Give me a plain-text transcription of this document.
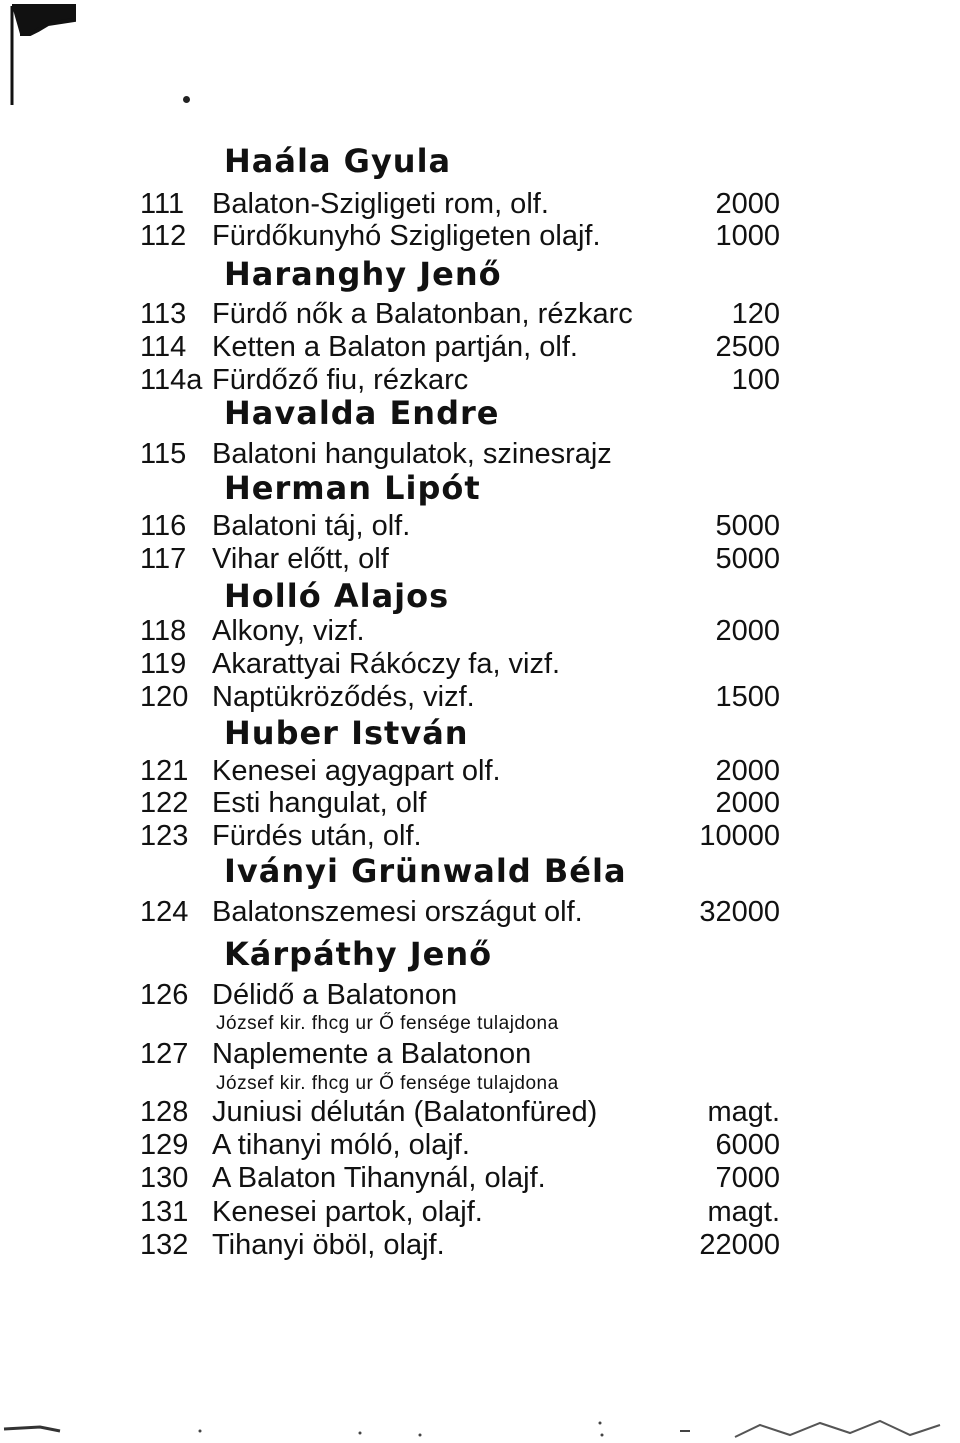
Haála Gyula
111 Balaton-Szigligeti rom, olf.	2000
112 Fürdőkunyhó Szigligeten olajf.	1000
Haranghy Jenő
113 Fürdő nők a Balatonban, rézkarc	120
114 Ketten a Balaton partján, olf.	2500
114a Fürdőző fiu, rézkarc	100
Havalda Endre
115 Balatoni hangulatok, szinesrajz
Herman Lipót
116 Balatoni táj, olf.	5000
117 Vihar előtt, olf	5000
Holló Alajos
118 Alkony, vizf.	2000
119 Akarattyai Rákóczy fa, vizf.
120 Naptükröződés, vizf.	1500
Huber István
121 Kenesei agyagpart olf.	2000
122 Esti hangulat, olf	2000
123 Fürdés után, olf.	10000
Iványi Grünwald Béla
124 Balatonszemesi országut olf.	32000
Kárpáthy Jenő
126 Délidő a Balatonon
József kir. fhcg ur Ő fensége tulajdona
127 Naplemente a Balatonon
József kir. fhcg ur Ő fensége tulajdona
128 Juniusi délután (Balatonfüred)	magt.
129 A tihanyi móló, olajf.	6000
130 A Balaton Tihanynál, olajf.	7000
131 Kenesei partok, olajf.	magt.
132 Tihanyi öböl, olajf.	22000
